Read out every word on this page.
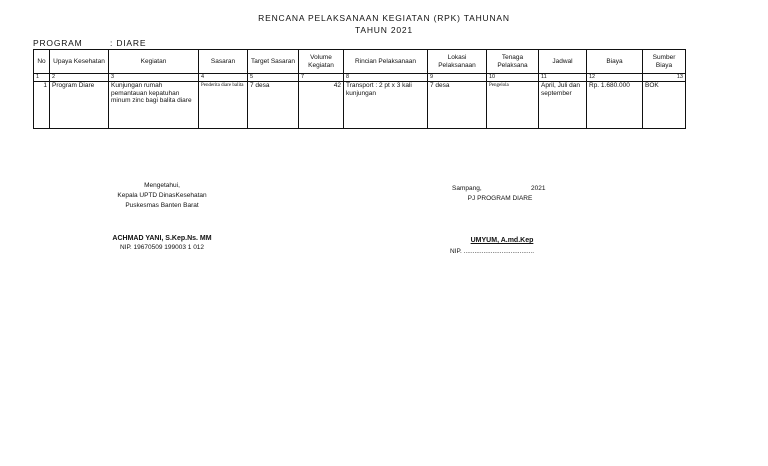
RENCANA PELAKSANAAN KEGIATAN (RPK) TAHUNAN
TAHUN 2021
PROGRAM	: DIARE
No	Upaya Kesehatan	Kegiatan	Sasaran	Target Sasaran	Volume Kegiatan	Rincian Pelaksanaan	Lokasi Pelaksanaan	Tenaga Pelaksana	Jadwal	Biaya	Sumber Biaya
1	2	3	4	5	7	8	9	10	11	12	13
1	Program Diare	Kunjungan rumah pemantauan kepatuhan minum zinc bagi balita diare	Penderita diare balita	7 desa	42	Transport : 2 pt x 3 kali kunjungan	7 desa	Pengelola	April, Juli dan september	Rp. 1.680.000	BOK
Mengetahui,
Kepala UPTD DinasKesehatan
Puskesmas Banten Barat
ACHMAD YANI, S.Kep.Ns. MM
NIP. 19670509 199003 1 012
Sampang,	2021
PJ PROGRAM DIARE
UMYUM, A.md.Kep
NIP. .......................................
